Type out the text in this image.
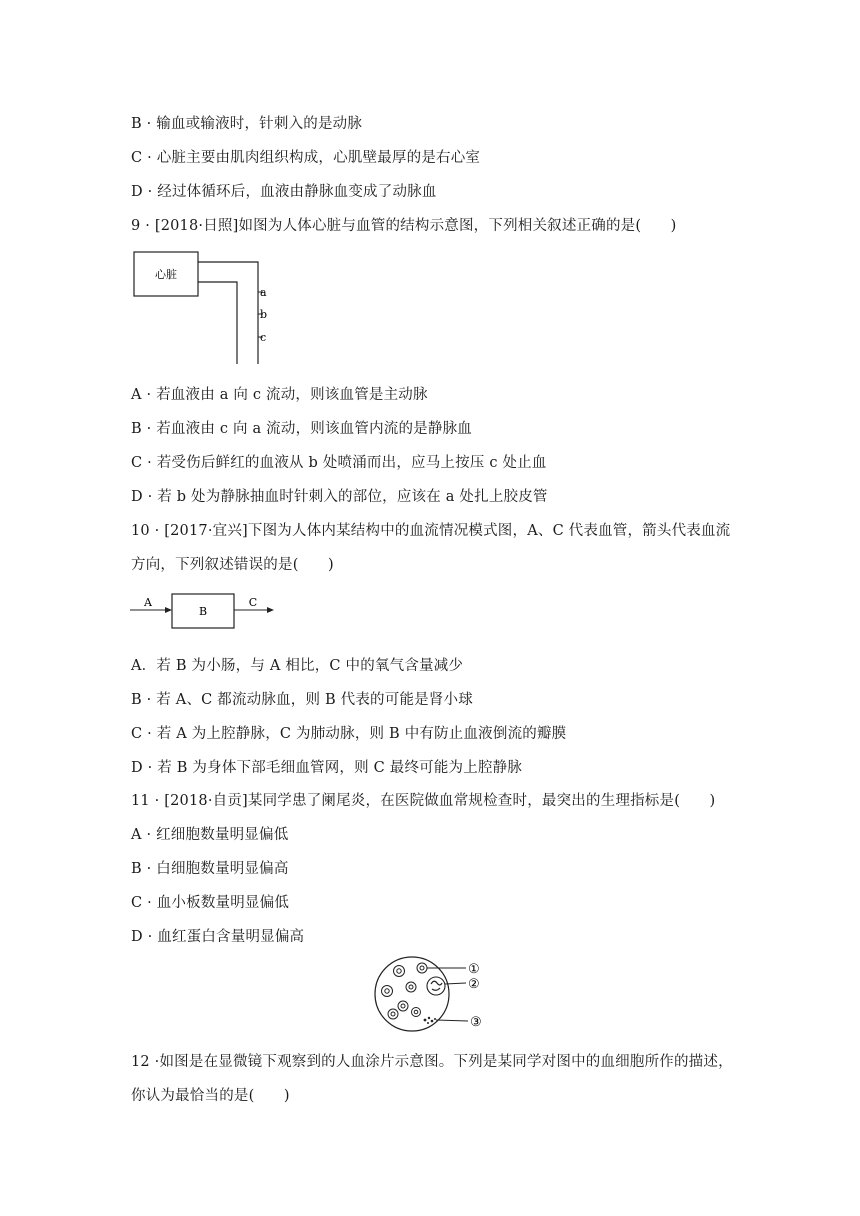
B · 输血或输液时，针刺入的是动脉
C · 心脏主要由肌肉组织构成，心肌壁最厚的是右心室
D · 经过体循环后，血液由静脉血变成了动脉血
9 · [2018·日照]如图为人体心脏与血管的结构示意图，下列相关叙述正确的是(　　)
心脏
a
b
c
A · 若血液由 a 向 c 流动，则该血管是主动脉
B · 若血液由 c 向 a 流动，则该血管内流的是静脉血
C · 若受伤后鲜红的血液从 b 处喷涌而出，应马上按压 c 处止血
D · 若 b 处为静脉抽血时针刺入的部位，应该在 a 处扎上胶皮管
10 · [2017·宜兴]下图为人体内某结构中的血流情况模式图，A、C 代表血管，箭头代表血流
方向，下列叙述错误的是(　　)
A
B
C
A．若 B 为小肠，与 A 相比，C 中的氧气含量减少
B · 若 A、C 都流动脉血，则 B 代表的可能是肾小球
C · 若 A 为上腔静脉，C 为肺动脉，则 B 中有防止血液倒流的瓣膜
D · 若 B 为身体下部毛细血管网，则 C 最终可能为上腔静脉
11 · [2018·自贡]某同学患了阑尾炎，在医院做血常规检查时，最突出的生理指标是(　　)
A · 红细胞数量明显偏低
B · 白细胞数量明显偏高
C · 血小板数量明显偏低
D · 血红蛋白含量明显偏高
①
②
③
12 ·如图是在显微镜下观察到的人血涂片示意图。下列是某同学对图中的血细胞所作的描述，
你认为最恰当的是(　　)
